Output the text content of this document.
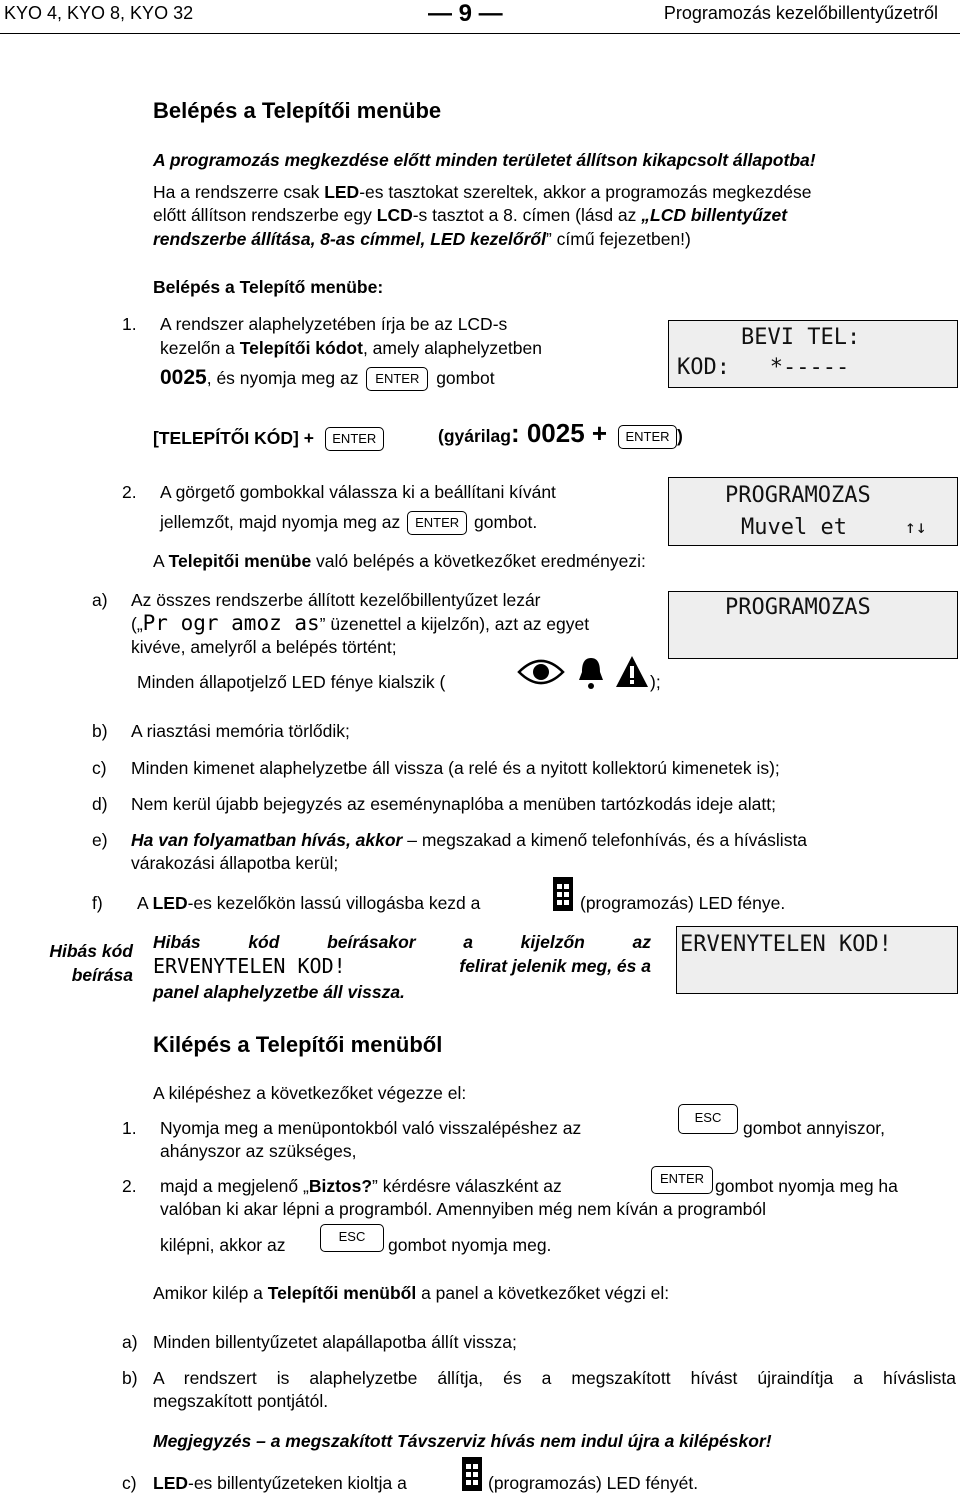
KYO 4, KYO 8, KYO 32	— 9 —	Programozás kezelőbillentyűzetről
Belépés a Telepítői menübe
A programozás megkezdése előtt minden területet állítson kikapcsolt állapotba!
Ha a rendszerre csak LED-es tasztokat szereltek, akkor a programozás megkezdése
előtt állítson rendszerbe egy LCD-s tasztot a 8. címen (lásd az „LCD billentyűzet
rendszerbe állítása, 8-as címmel, LED kezelőről” című fejezetben!)
Belépés a Telepítő menübe:
1. A rendszer alaphelyzetében írja be az LCD-s
kezelőn a Telepítői kódot, amely alaphelyzetben
0025, és nyomja meg az ENTER gombot
BEVI TEL:
KOD:   *-----
[TELEPÍTŐI KÓD] + ENTER	(gyárilag: 0025 + ENTER )
2. A görgető gombokkal válassza ki a beállítani kívánt
jellemzőt, majd nyomja meg az ENTER gombot.
A Telepitői menübe való belépés a következőket eredményezi:
PROGRAMOZAS
Muvel et	↑↓
a) Az összes rendszerbe állított kezelőbillentyűzet lezár
(„Pr ogr amoz as” üzenettel a kijelzőn), azt az egyet
kivéve, amelyről a belépés történt;
Minden állapotjelző LED fénye kialszik (	);
PROGRAMOZAS
b) A riasztási memória törlődik;
c) Minden kimenet alaphelyzetbe áll vissza (a relé és a nyitott kollektorú kimenetek is);
d) Nem kerül újabb bejegyzés az eseménynaplóba a menüben tartózkodás ideje alatt;
e) Ha van folyamatban hívás, akkor – megszakad a kimenő telefonhívás, és a híváslista
várakozási állapotba kerül;
f) A LED-es kezelőkön lassú villogásba kezd a	(programozás) LED fénye.
Hibás kód
beírása
Hibás kód beírásakor a kijelzőn az
ERVENYTELEN KOD!	felirat jelenik meg, és a
panel alaphelyzetbe áll vissza.
ERVENYTELEN KOD!
Kilépés a Telepítői menüből
A kilépéshez a következőket végezze el:
1. Nyomja meg a menüpontokból való visszalépéshez az
ESC
gombot annyiszor,
ahányszor az szükséges,
2. majd a megjelenő „Biztos?” kérdésre válaszként az	ENTER gombot nyomja meg ha
valóban ki akar lépni a programból. Amennyiben még nem kíván a programból
kilépni, akkor az	ESC	gombot nyomja meg.
Amikor kilép a Telepítői menüből a panel a következőket végzi el:
a) Minden billentyűzetet alapállapotba állít vissza;
b) A rendszert is alaphelyzetbe állítja, és a megszakított hívást újraindítja a híváslista
megszakított pontjától.
Megjegyzés – a megszakított Távszerviz hívás nem indul újra a kilépéskor!
c) LED-es billentyűzeteken kioltja a	(programozás) LED fényét.
